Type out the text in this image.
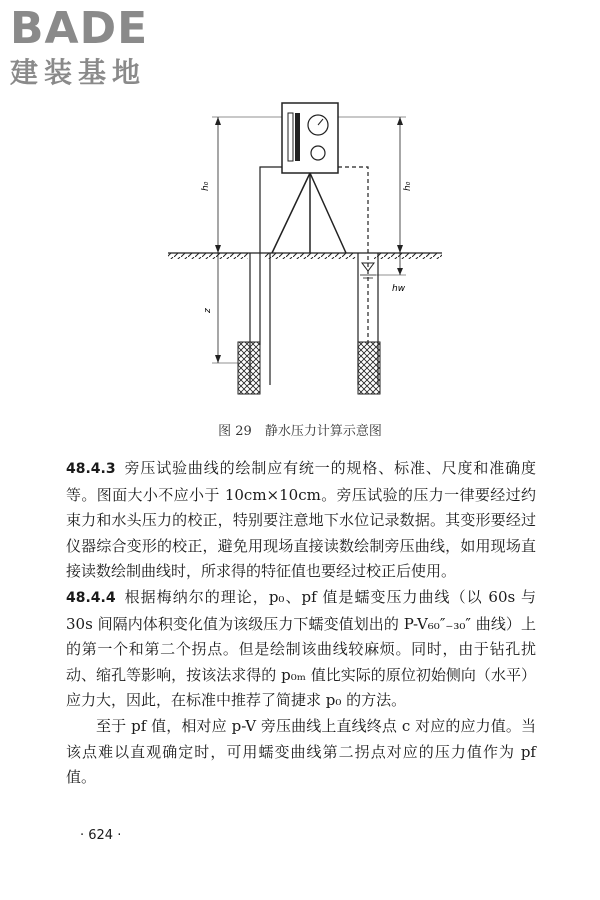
BADE
建装基地
h₀
z
h₀
hw
图 29　静水压力计算示意图

48.4.3 旁压试验曲线的绘制应有统一的规格、标准、尺度和准确度等。图面大小不应小于 10cm×10cm。旁压试验的压力一律要经过约束力和水头压力的校正，特别要注意地下水位记录数据。其变形要经过仪器综合变形的校正，避免用现场直接读数绘制旁压曲线，如用现场直接读数绘制曲线时，所求得的特征值也要经过校正后使用。

48.4.4 根据梅纳尔的理论，p₀、pf 值是蠕变压力曲线（以 60s 与 30s 间隔内体积变化值为该级压力下蠕变值划出的 P-V₆₀″₋₃₀″ 曲线）上的第一个和第二个拐点。但是绘制该曲线较麻烦。同时，由于钻孔扰动、缩孔等影响，按该法求得的 p₀ₘ 值比实际的原位初始侧向（水平）应力大，因此，在标准中推荐了简捷求 p₀ 的方法。

至于 pf 值，相对应 p-V 旁压曲线上直线终点 c 对应的应力值。当该点难以直观确定时，可用蠕变曲线第二拐点对应的压力值作为 pf 值。

· 624 ·
